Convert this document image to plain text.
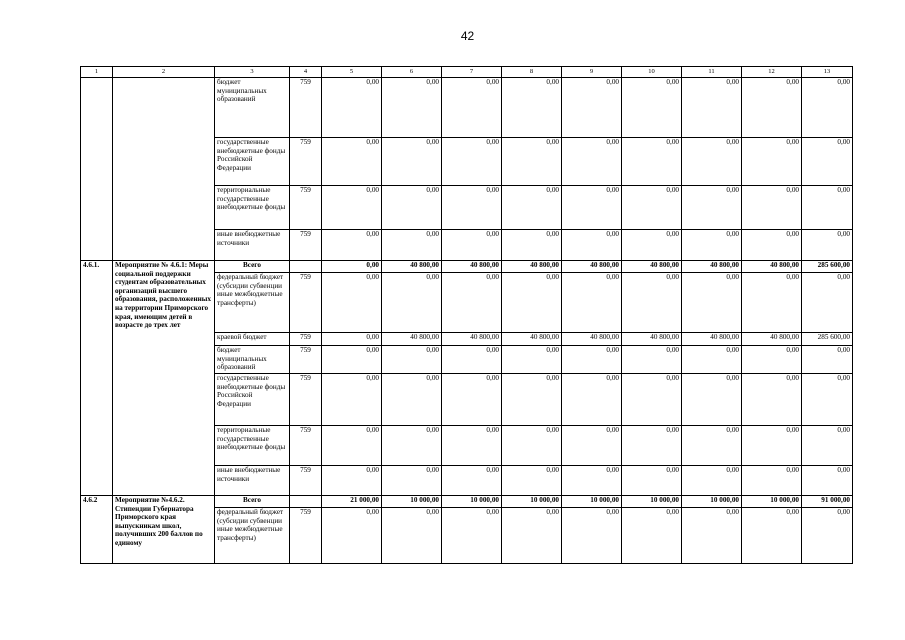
42
1	2	3	4	5	6	7	8	9	10	11	12	13
		бюджет муниципальных образований	759	0,00	0,00	0,00	0,00	0,00	0,00	0,00	0,00	0,00
		государственные внебюджетные фонды Российской Федерации	759	0,00	0,00	0,00	0,00	0,00	0,00	0,00	0,00	0,00
		территориальные государственные внебюджетные фонды	759	0,00	0,00	0,00	0,00	0,00	0,00	0,00	0,00	0,00
		иные внебюджетные источники	759	0,00	0,00	0,00	0,00	0,00	0,00	0,00	0,00	0,00
4.6.1.	Мероприятие № 4.6.1: Меры социальной поддержки студентам образовательных организаций высшего образования, расположенных на территории Приморского края, имеющим детей в возрасте до трех лет	Всего		0,00	40 800,00	40 800,00	40 800,00	40 800,00	40 800,00	40 800,00	40 800,00	285 600,00
		федеральный бюджет (субсидии субвенции иные межбюджетные трансферты)	759	0,00	0,00	0,00	0,00	0,00	0,00	0,00	0,00	0,00
		краевой бюджет	759	0,00	40 800,00	40 800,00	40 800,00	40 800,00	40 800,00	40 800,00	40 800,00	285 600,00
		бюджет муниципальных образований	759	0,00	0,00	0,00	0,00	0,00	0,00	0,00	0,00	0,00
		государственные внебюджетные фонды Российской Федерации	759	0,00	0,00	0,00	0,00	0,00	0,00	0,00	0,00	0,00
		территориальные государственные внебюджетные фонды	759	0,00	0,00	0,00	0,00	0,00	0,00	0,00	0,00	0,00
		иные внебюджетные источники	759	0,00	0,00	0,00	0,00	0,00	0,00	0,00	0,00	0,00
4.6.2	Мероприятие №4.6.2. Стипендии Губернатора Приморского края выпускникам школ, получивших 200 баллов по единому	Всего		21 000,00	10 000,00	10 000,00	10 000,00	10 000,00	10 000,00	10 000,00	10 000,00	91 000,00
		федеральный бюджет (субсидии субвенции иные межбюджетные трансферты)	759	0,00	0,00	0,00	0,00	0,00	0,00	0,00	0,00	0,00
